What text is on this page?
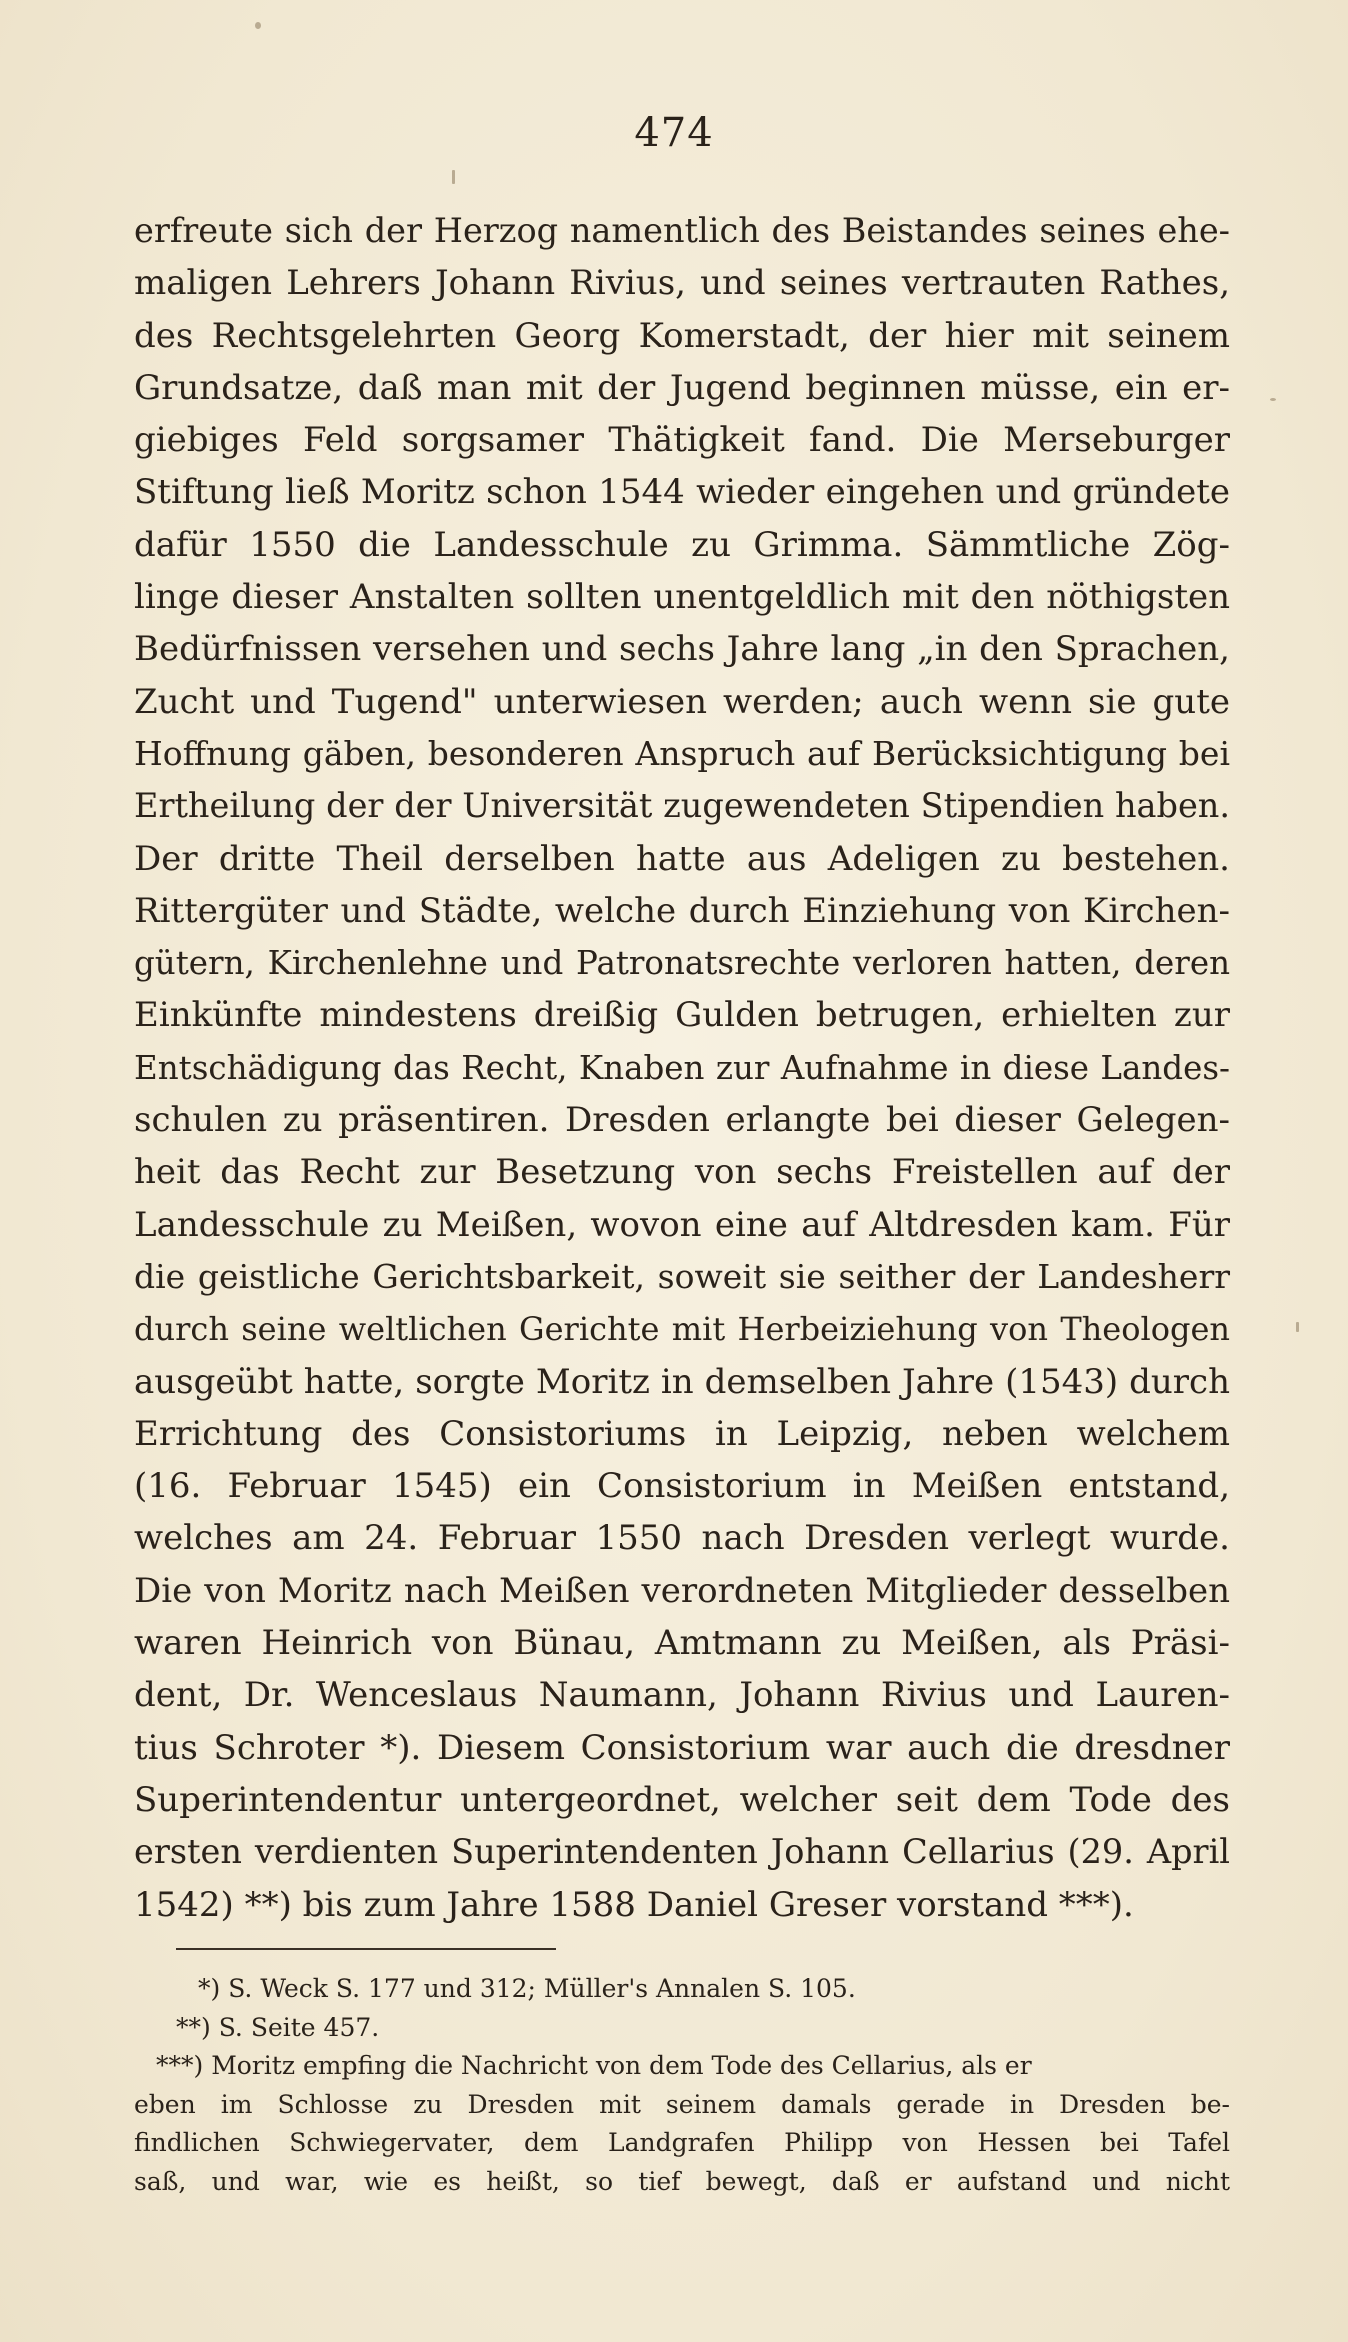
474
erfreute sich der Herzog namentlich des Beistandes seines ehe-
maligen Lehrers Johann Rivius, und seines vertrauten Rathes,
des Rechtsgelehrten Georg Komerstadt, der hier mit seinem
Grundsatze, daß man mit der Jugend beginnen müsse, ein er-
giebiges Feld sorgsamer Thätigkeit fand. Die Merseburger
Stiftung ließ Moritz schon 1544 wieder eingehen und gründete
dafür 1550 die Landesschule zu Grimma. Sämmtliche Zög-
linge dieser Anstalten sollten unentgeldlich mit den nöthigsten
Bedürfnissen versehen und sechs Jahre lang „in den Sprachen,
Zucht und Tugend" unterwiesen werden; auch wenn sie gute
Hoffnung gäben, besonderen Anspruch auf Berücksichtigung bei
Ertheilung der der Universität zugewendeten Stipendien haben.
Der dritte Theil derselben hatte aus Adeligen zu bestehen.
Rittergüter und Städte, welche durch Einziehung von Kirchen-
gütern, Kirchenlehne und Patronatsrechte verloren hatten, deren
Einkünfte mindestens dreißig Gulden betrugen, erhielten zur
Entschädigung das Recht, Knaben zur Aufnahme in diese Landes-
schulen zu präsentiren. Dresden erlangte bei dieser Gelegen-
heit das Recht zur Besetzung von sechs Freistellen auf der
Landesschule zu Meißen, wovon eine auf Altdresden kam. Für
die geistliche Gerichtsbarkeit, soweit sie seither der Landesherr
durch seine weltlichen Gerichte mit Herbeiziehung von Theologen
ausgeübt hatte, sorgte Moritz in demselben Jahre (1543) durch
Errichtung des Consistoriums in Leipzig, neben welchem
(16. Februar 1545) ein Consistorium in Meißen entstand,
welches am 24. Februar 1550 nach Dresden verlegt wurde.
Die von Moritz nach Meißen verordneten Mitglieder desselben
waren Heinrich von Bünau, Amtmann zu Meißen, als Präsi-
dent, Dr. Wenceslaus Naumann, Johann Rivius und Lauren-
tius Schroter *). Diesem Consistorium war auch die dresdner
Superintendentur untergeordnet, welcher seit dem Tode des
ersten verdienten Superintendenten Johann Cellarius (29. April
1542) **) bis zum Jahre 1588 Daniel Greser vorstand ***).
*) S. Weck S. 177 und 312; Müller's Annalen S. 105.
**) S. Seite 457.
***) Moritz empfing die Nachricht von dem Tode des Cellarius, als er
eben im Schlosse zu Dresden mit seinem damals gerade in Dresden be-
findlichen Schwiegervater, dem Landgrafen Philipp von Hessen bei Tafel
saß, und war, wie es heißt, so tief bewegt, daß er aufstand und nicht
